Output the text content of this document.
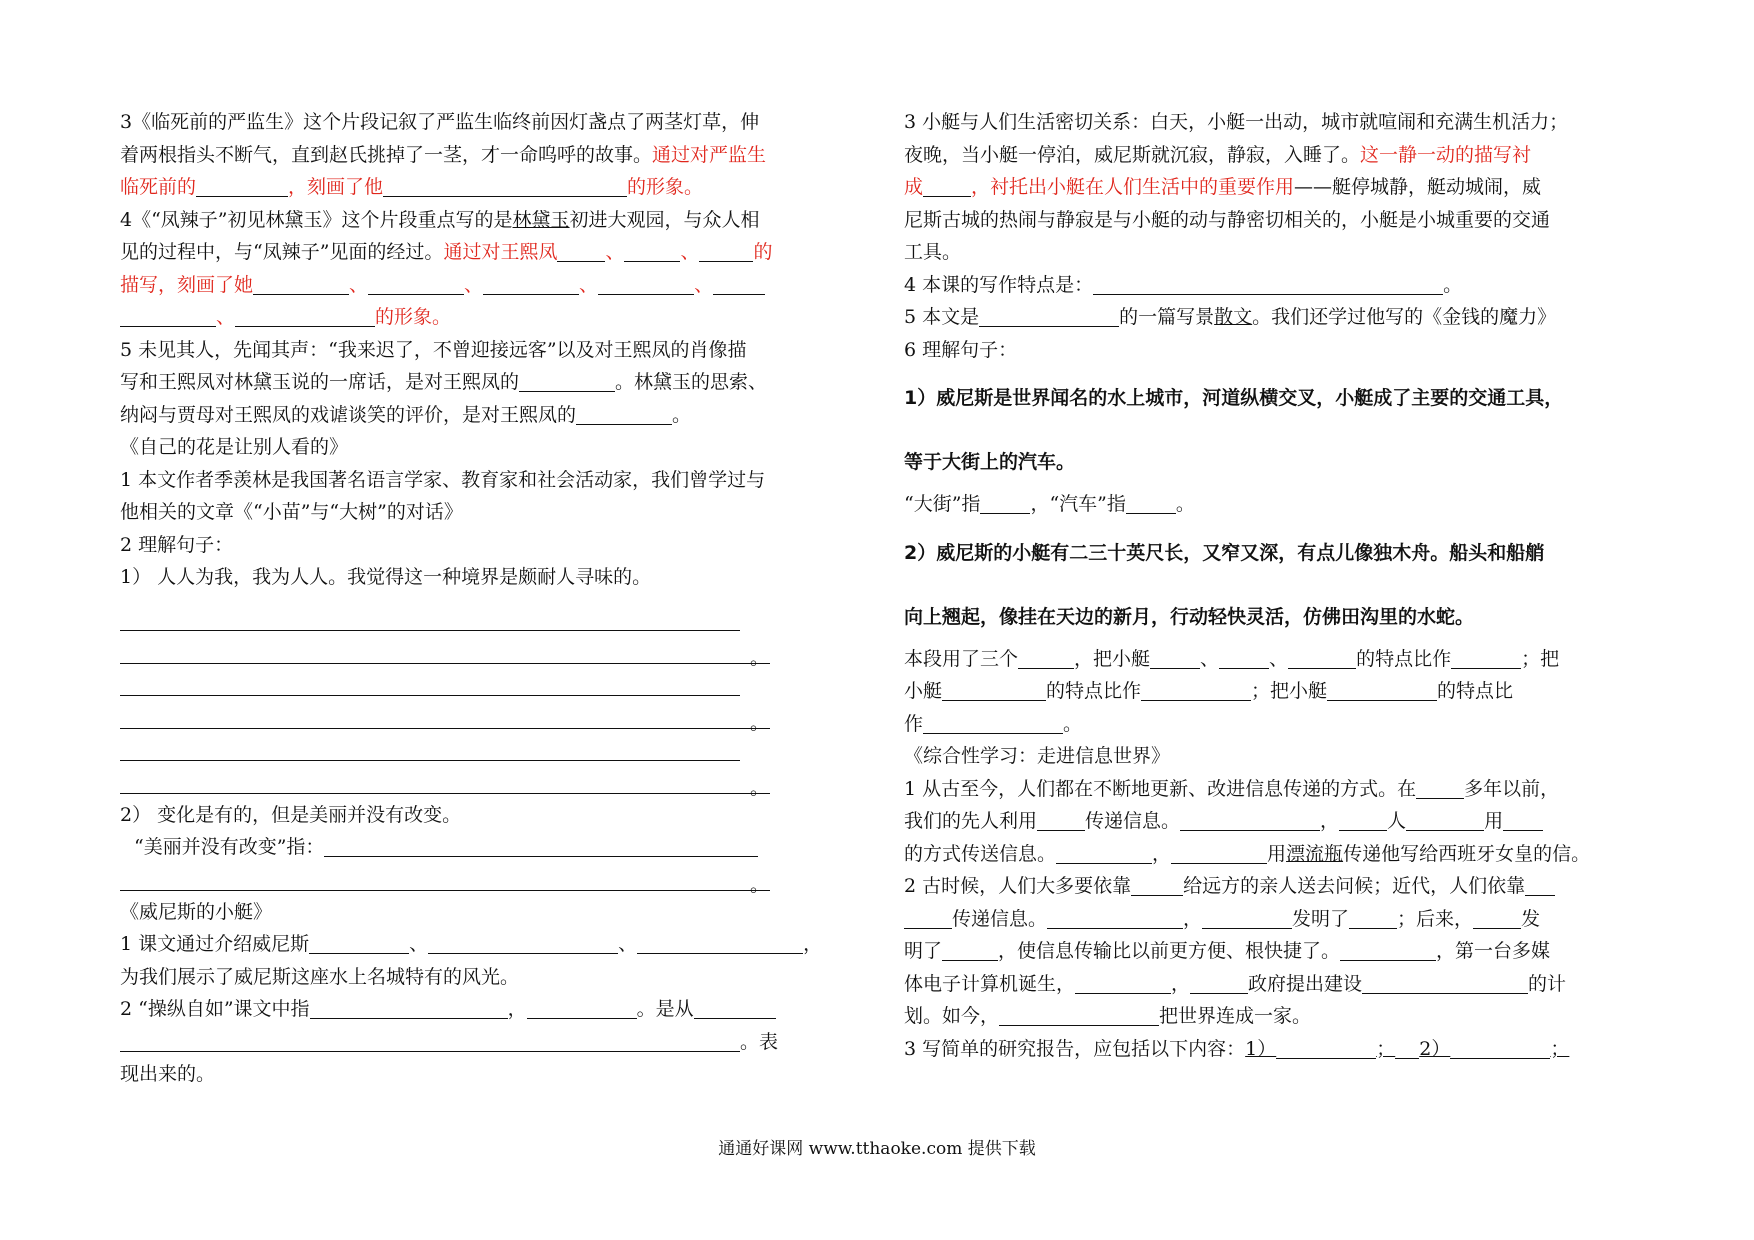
3《临死前的严监生》这个片段记叙了严监生临终前因灯盏点了两茎灯草，伸
着两根指头不断气，直到赵氏挑掉了一茎，才一命呜呼的故事。通过对严监生
临死前的	，刻画了他	的形象。
4《“凤辣子”初见林黛玉》这个片段重点写的是林黛玉初进大观园，与众人相
见的过程中，与“凤辣子”见面的经过。通过对王熙凤	、	、	的
描写，刻画了她	、	、	、	、
、	的形象。
5 未见其人，先闻其声：“我来迟了，不曾迎接远客”以及对王熙凤的肖像描
写和王熙凤对林黛玉说的一席话，是对王熙凤的	。林黛玉的思索、
纳闷与贾母对王熙凤的戏谑谈笑的评价，是对王熙凤的	。
《自己的花是让别人看的》
1 本文作者季羡林是我国著名语言学家、教育家和社会活动家，我们曾学过与
他相关的文章《“小苗”与“大树”的对话》
2 理解句子：
1） 人人为我，我为人人。我觉得这一种境界是颇耐人寻味的。
。
。
。
2） 变化是有的，但是美丽并没有改变。
“美丽并没有改变”指：
。
《威尼斯的小艇》
1 课文通过介绍威尼斯	、	、	，
为我们展示了威尼斯这座水上名城特有的风光。
2 “操纵自如”课文中指	，	。是从
。表
现出来的。
3 小艇与人们生活密切关系：白天，小艇一出动，城市就喧闹和充满生机活力；
夜晚，当小艇一停泊，威尼斯就沉寂，静寂，入睡了。这一静一动的描写衬
成	，衬托出小艇在人们生活中的重要作用——艇停城静，艇动城闹，威
尼斯古城的热闹与静寂是与小艇的动与静密切相关的，小艇是小城重要的交通
工具。
4 本课的写作特点是：	。
5 本文是	的一篇写景散文。我们还学过他写的《金钱的魔力》
6 理解句子：
1）威尼斯是世界闻名的水上城市，河道纵横交叉，小艇成了主要的交通工具，
等于大街上的汽车。
“大街”指	，“汽车”指	。
2）威尼斯的小艇有二三十英尺长，又窄又深，有点儿像独木舟。船头和船艄
向上翘起，像挂在天边的新月，行动轻快灵活，仿佛田沟里的水蛇。
本段用了三个	，把小艇	、	、	的特点比作	；把
小艇	的特点比作	；把小艇	的特点比
作	。
《综合性学习：走进信息世界》
1 从古至今，人们都在不断地更新、改进信息传递的方式。在	多年以前，
我们的先人利用	传递信息。	，	人	用
的方式传送信息。	，	用漂流瓶传递他写给西班牙女皇的信。
2 古时候，人们大多要依靠	给远方的亲人送去问候；近代，人们依靠
传递信息。	，	发明了	；后来，	发
明了	，使信息传输比以前更方便、根快捷了。	，第一台多媒
体电子计算机诞生，	，	政府提出建设	的计
划。如今，	把世界连成一家。
3 写简单的研究报告，应包括以下内容：1）	； 2）	；
通通好课网 www.tthaoke.com 提供下载
